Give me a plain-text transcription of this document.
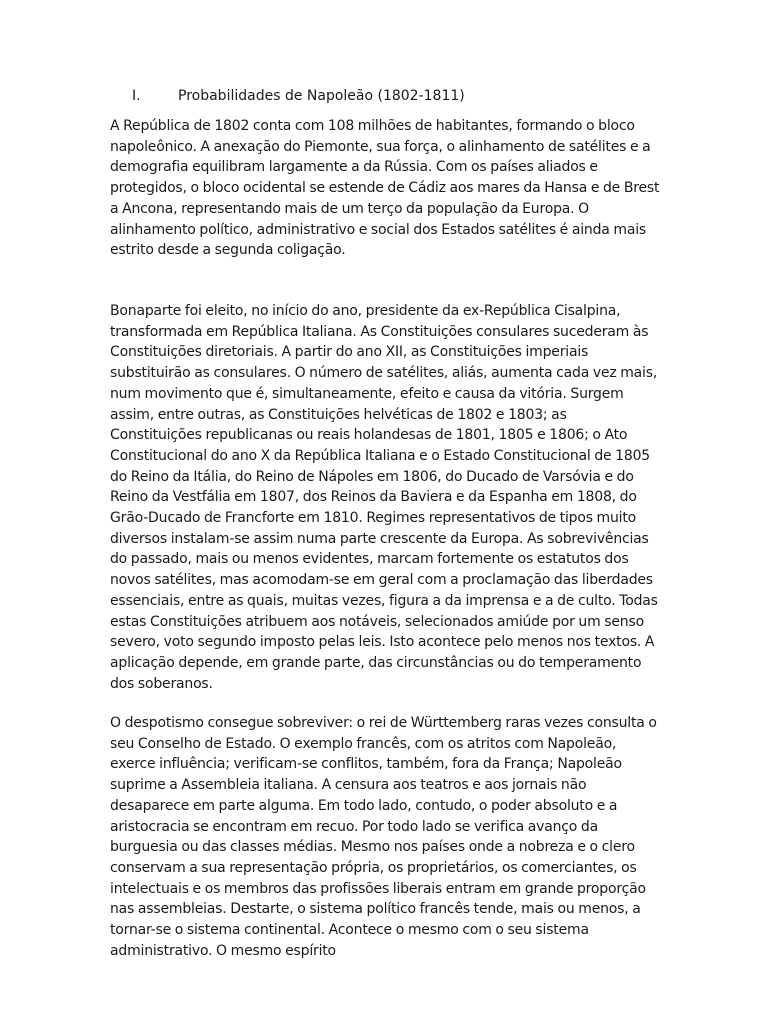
I.	Probabilidades de Napoleão (1802-1811)

A República de 1802 conta com 108 milhões de habitantes, formando o bloco napoleônico. A anexação do Piemonte, sua força, o alinhamento de satélites e a demografia equilibram largamente a da Rússia. Com os países aliados e protegidos, o bloco ocidental se estende de Cádiz aos mares da Hansa e de Brest a Ancona, representando mais de um terço da população da Europa. O alinhamento político, administrativo e social dos Estados satélites é ainda mais estrito desde a segunda coligação.

Bonaparte foi eleito, no início do ano, presidente da ex-República Cisalpina, transformada em República Italiana. As Constituições consulares sucederam às Constituições diretoriais. A partir do ano XII, as Constituições imperiais substituirão as consulares. O número de satélites, aliás, aumenta cada vez mais, num movimento que é, simultaneamente, efeito e causa da vitória. Surgem assim, entre outras, as Constituições helvéticas de 1802 e 1803; as Constituições republicanas ou reais holandesas de 1801, 1805 e 1806; o Ato Constitucional do ano X da República Italiana e o Estado Constitucional de 1805 do Reino da Itália, do Reino de Nápoles em 1806, do Ducado de Varsóvia e do Reino da Vestfália em 1807, dos Reinos da Baviera e da Espanha em 1808, do Grão-Ducado de Francforte em 1810. Regimes representativos de tipos muito diversos instalam-se assim numa parte crescente da Europa. As sobrevivências do passado, mais ou menos evidentes, marcam fortemente os estatutos dos novos satélites, mas acomodam-se em geral com a proclamação das liberdades essenciais, entre as quais, muitas vezes, figura a da imprensa e a de culto. Todas estas Constituições atribuem aos notáveis, selecionados amiúde por um senso severo, voto segundo imposto pelas leis. Isto acontece pelo menos nos textos. A aplicação depende, em grande parte, das circunstâncias ou do temperamento dos soberanos.

O despotismo consegue sobreviver: o rei de Württemberg raras vezes consulta o seu Conselho de Estado. O exemplo francês, com os atritos com Napoleão, exerce influência; verificam-se conflitos, também, fora da França; Napoleão suprime a Assembleia italiana. A censura aos teatros e aos jornais não desaparece em parte alguma. Em todo lado, contudo, o poder absoluto e a aristocracia se encontram em recuo. Por todo lado se verifica avanço da burguesia ou das classes médias. Mesmo nos países onde a nobreza e o clero conservam a sua representação própria, os proprietários, os comerciantes, os intelectuais e os membros das profissões liberais entram em grande proporção nas assembleias. Destarte, o sistema político francês tende, mais ou menos, a tornar-se o sistema continental. Acontece o mesmo com o seu sistema administrativo. O mesmo espírito
